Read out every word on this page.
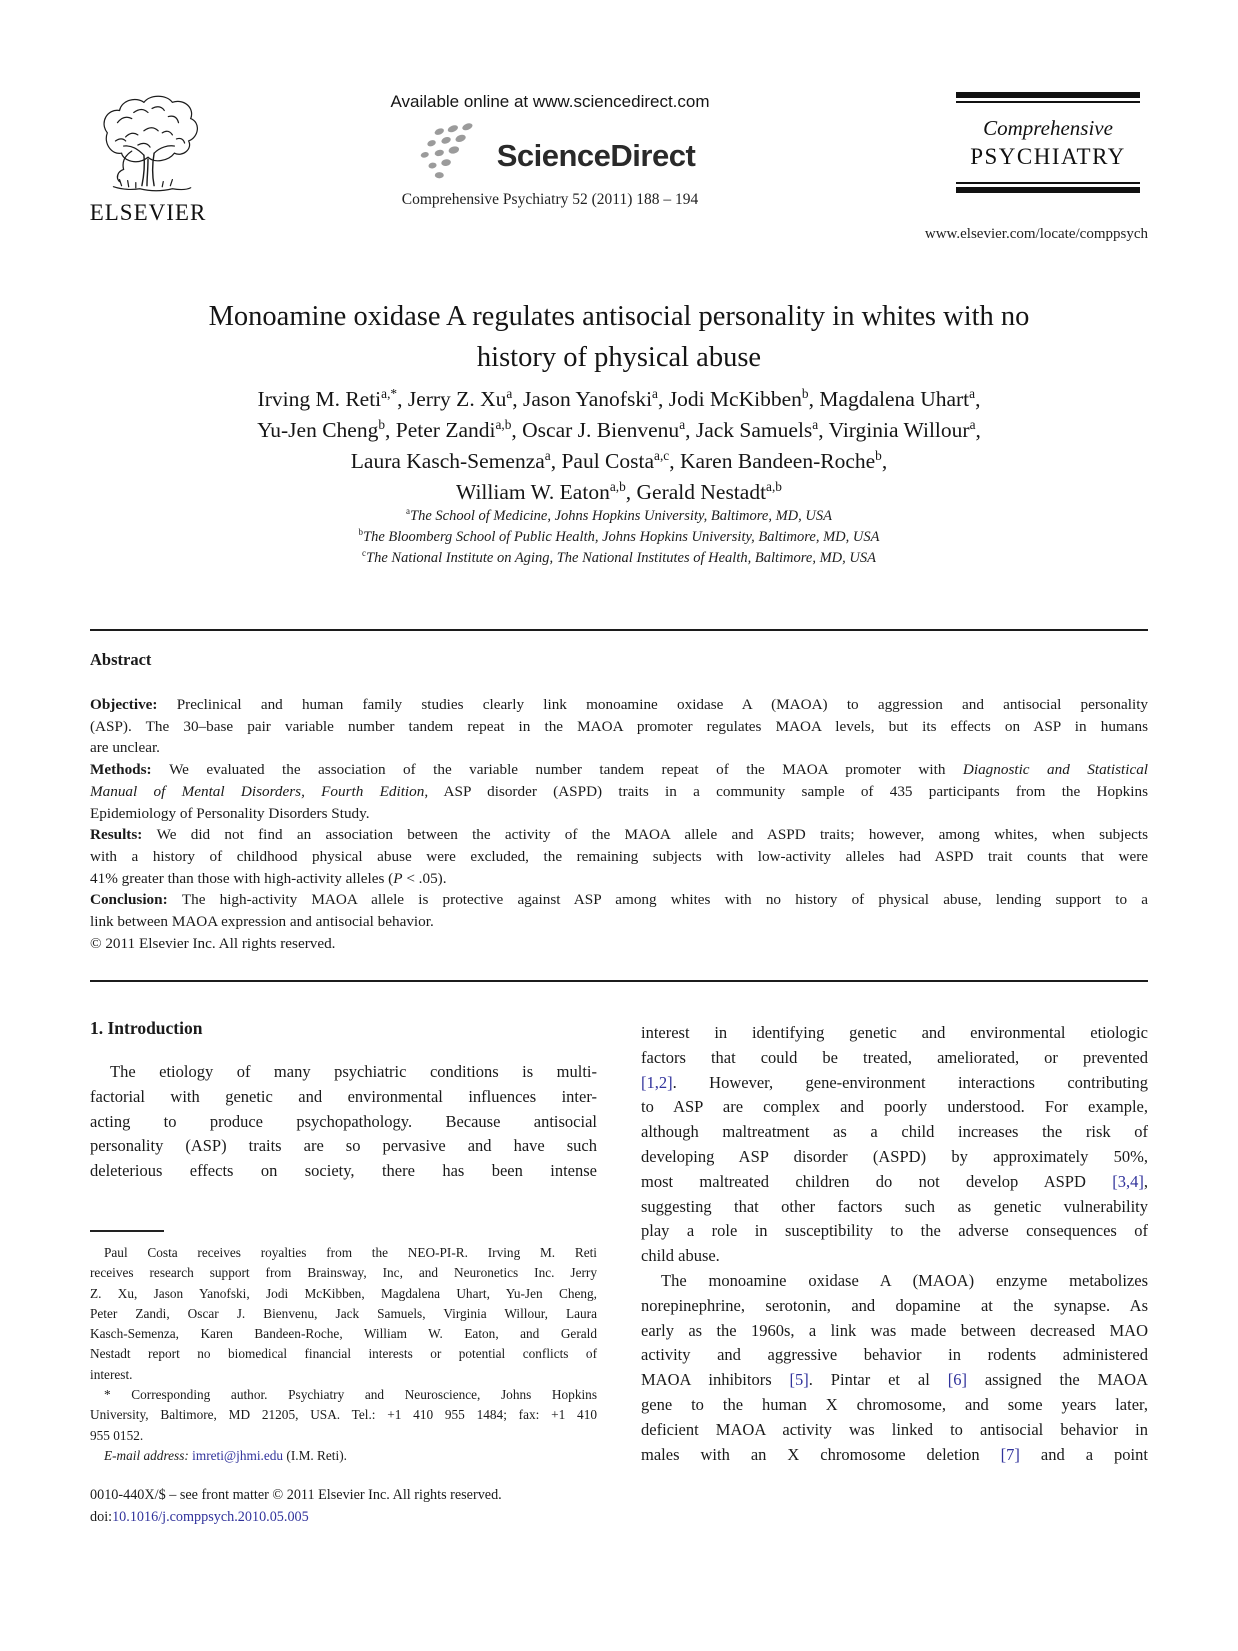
ELSEVIER
Available online at www.sciencedirect.com
ScienceDirect
Comprehensive Psychiatry 52 (2011) 188 – 194
Comprehensive
PSYCHIATRY
www.elsevier.com/locate/comppsych
Monoamine oxidase A regulates antisocial personality in whites with no
history of physical abuse
Irving M. Reti$^{a,*}$, Jerry Z. Xu$^a$, Jason Yanofski$^a$, Jodi McKibben$^b$, Magdalena Uhart$^a$,
Yu-Jen Cheng$^b$, Peter Zandi$^{a,b}$, Oscar J. Bienvenu$^a$, Jack Samuels$^a$, Virginia Willour$^a$,
Laura Kasch-Semenza$^a$, Paul Costa$^{a,c}$, Karen Bandeen-Roche$^b$,
William W. Eaton$^{a,b}$, Gerald Nestadt$^{a,b}$
$^a$The School of Medicine, Johns Hopkins University, Baltimore, MD, USA
$^b$The Bloomberg School of Public Health, Johns Hopkins University, Baltimore, MD, USA
$^c$The National Institute on Aging, The National Institutes of Health, Baltimore, MD, USA
Abstract
Objective: Preclinical and human family studies clearly link monoamine oxidase A (MAOA) to aggression and antisocial personality
(ASP). The 30–base pair variable number tandem repeat in the MAOA promoter regulates MAOA levels, but its effects on ASP in humans
are unclear.
Methods: We evaluated the association of the variable number tandem repeat of the MAOA promoter with Diagnostic and Statistical
Manual of Mental Disorders, Fourth Edition, ASP disorder (ASPD) traits in a community sample of 435 participants from the Hopkins
Epidemiology of Personality Disorders Study.
Results: We did not find an association between the activity of the MAOA allele and ASPD traits; however, among whites, when subjects
with a history of childhood physical abuse were excluded, the remaining subjects with low-activity alleles had ASPD trait counts that were
41% greater than those with high-activity alleles (P < .05).
Conclusion: The high-activity MAOA allele is protective against ASP among whites with no history of physical abuse, lending support to a
link between MAOA expression and antisocial behavior.
© 2011 Elsevier Inc. All rights reserved.
1. Introduction
The etiology of many psychiatric conditions is multi-
factorial with genetic and environmental influences inter-
acting to produce psychopathology. Because antisocial
personality (ASP) traits are so pervasive and have such
deleterious effects on society, there has been intense
Paul Costa receives royalties from the NEO-PI-R. Irving M. Reti
receives research support from Brainsway, Inc, and Neuronetics Inc. Jerry
Z. Xu, Jason Yanofski, Jodi McKibben, Magdalena Uhart, Yu-Jen Cheng,
Peter Zandi, Oscar J. Bienvenu, Jack Samuels, Virginia Willour, Laura
Kasch-Semenza, Karen Bandeen-Roche, William W. Eaton, and Gerald
Nestadt report no biomedical financial interests or potential conflicts of
interest.
* Corresponding author. Psychiatry and Neuroscience, Johns Hopkins
University, Baltimore, MD 21205, USA. Tel.: +1 410 955 1484; fax: +1 410
955 0152.
E-mail address: imreti@jhmi.edu (I.M. Reti).
0010-440X/$ – see front matter © 2011 Elsevier Inc. All rights reserved.
doi:10.1016/j.comppsych.2010.05.005
interest in identifying genetic and environmental etiologic
factors that could be treated, ameliorated, or prevented
[1,2]. However, gene-environment interactions contributing
to ASP are complex and poorly understood. For example,
although maltreatment as a child increases the risk of
developing ASP disorder (ASPD) by approximately 50%,
most maltreated children do not develop ASPD [3,4],
suggesting that other factors such as genetic vulnerability
play a role in susceptibility to the adverse consequences of
child abuse.
The monoamine oxidase A (MAOA) enzyme metabolizes
norepinephrine, serotonin, and dopamine at the synapse. As
early as the 1960s, a link was made between decreased MAO
activity and aggressive behavior in rodents administered
MAOA inhibitors [5]. Pintar et al [6] assigned the MAOA
gene to the human X chromosome, and some years later,
deficient MAOA activity was linked to antisocial behavior in
males with an X chromosome deletion [7] and a point
